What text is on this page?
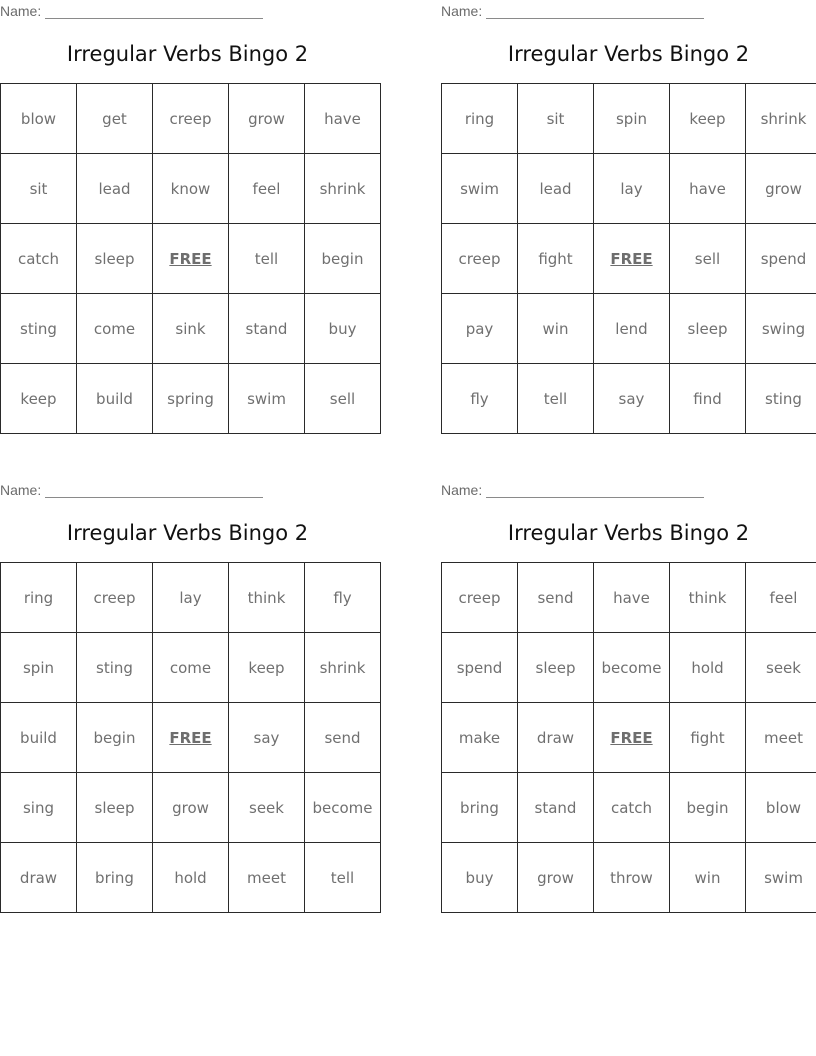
Name:
Irregular Verbs Bingo 2
blow	get	creep	grow	have
sit	lead	know	feel	shrink
catch	sleep	FREE	tell	begin
sting	come	sink	stand	buy
keep	build	spring	swim	sell
Name:
Irregular Verbs Bingo 2
ring	sit	spin	keep	shrink
swim	lead	lay	have	grow
creep	fight	FREE	sell	spend
pay	win	lend	sleep	swing
fly	tell	say	find	sting
Name:
Irregular Verbs Bingo 2
ring	creep	lay	think	fly
spin	sting	come	keep	shrink
build	begin	FREE	say	send
sing	sleep	grow	seek	become
draw	bring	hold	meet	tell
Name:
Irregular Verbs Bingo 2
creep	send	have	think	feel
spend	sleep	become	hold	seek
make	draw	FREE	fight	meet
bring	stand	catch	begin	blow
buy	grow	throw	win	swim
